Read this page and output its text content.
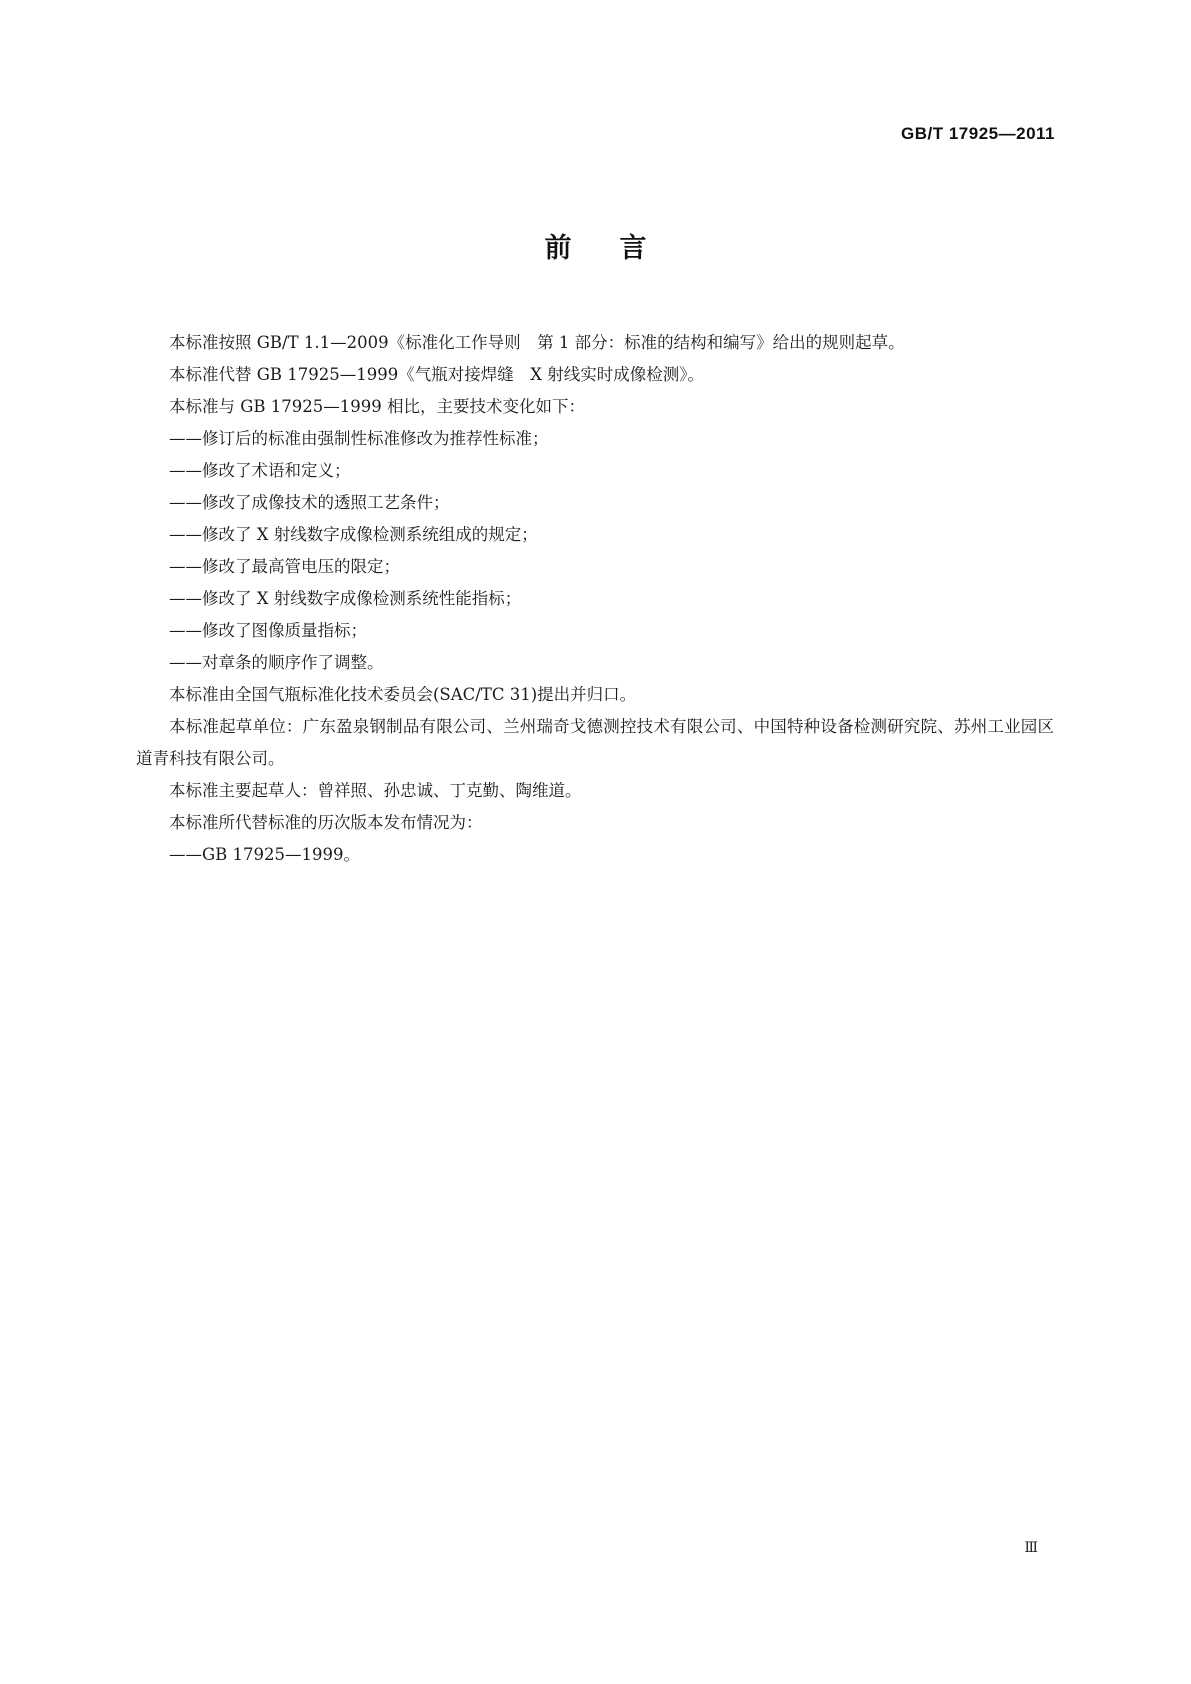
GB/T 17925—2011
前言

本标准按照 GB/T 1.1—2009《标准化工作导则　第 1 部分：标准的结构和编写》给出的规则起草。

本标准代替 GB 17925—1999《气瓶对接焊缝　X 射线实时成像检测》。

本标准与 GB 17925—1999 相比，主要技术变化如下：

——修订后的标准由强制性标准修改为推荐性标准；

——修改了术语和定义；

——修改了成像技术的透照工艺条件；

——修改了 X 射线数字成像检测系统组成的规定；

——修改了最高管电压的限定；

——修改了 X 射线数字成像检测系统性能指标；

——修改了图像质量指标；

——对章条的顺序作了调整。

本标准由全国气瓶标准化技术委员会(SAC/TC 31)提出并归口。

本标准起草单位：广东盈泉钢制品有限公司、兰州瑞奇戈德测控技术有限公司、中国特种设备检测研究院、苏州工业园区道青科技有限公司。

本标准主要起草人：曾祥照、孙忠诚、丁克勤、陶维道。

本标准所代替标准的历次版本发布情况为：

——GB 17925—1999。

Ⅲ
